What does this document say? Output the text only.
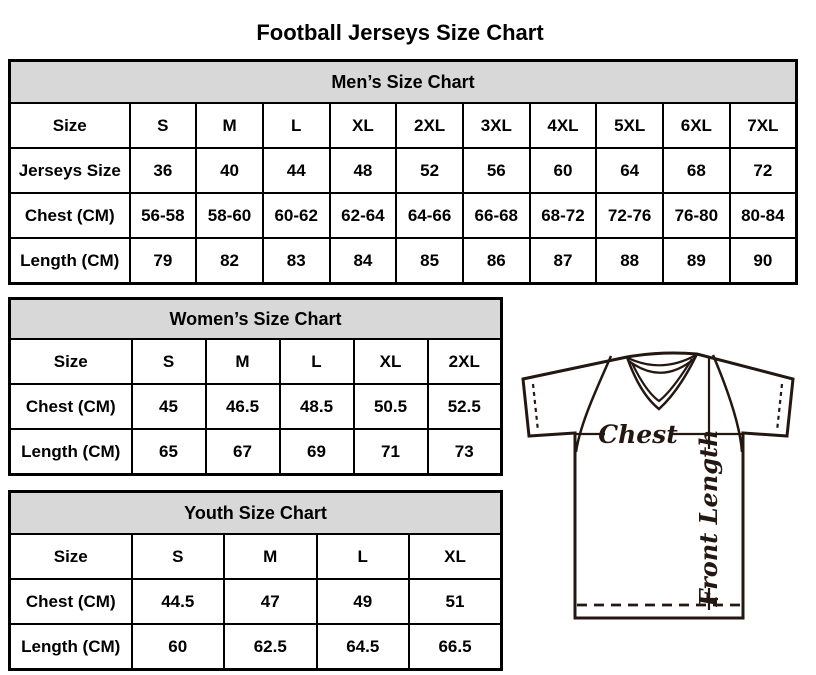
Football Jerseys Size Chart
Men’s Size Chart										
Size	S	M	L	XL	2XL	3XL	4XL	5XL	6XL	7XL
Jerseys Size	36	40	44	48	52	56	60	64	68	72
Chest (CM)	56-58	58-60	60-62	62-64	64-66	66-68	68-72	72-76	76-80	80-84
Length (CM)	79	82	83	84	85	86	87	88	89	90
Women’s Size Chart					
Size	S	M	L	XL	2XL
Chest (CM)	45	46.5	48.5	50.5	52.5
Length (CM)	65	67	69	71	73
Youth Size Chart				
Size	S	M	L	XL
Chest (CM)	44.5	47	49	51
Length (CM)	60	62.5	64.5	66.5
Chest Front Length
